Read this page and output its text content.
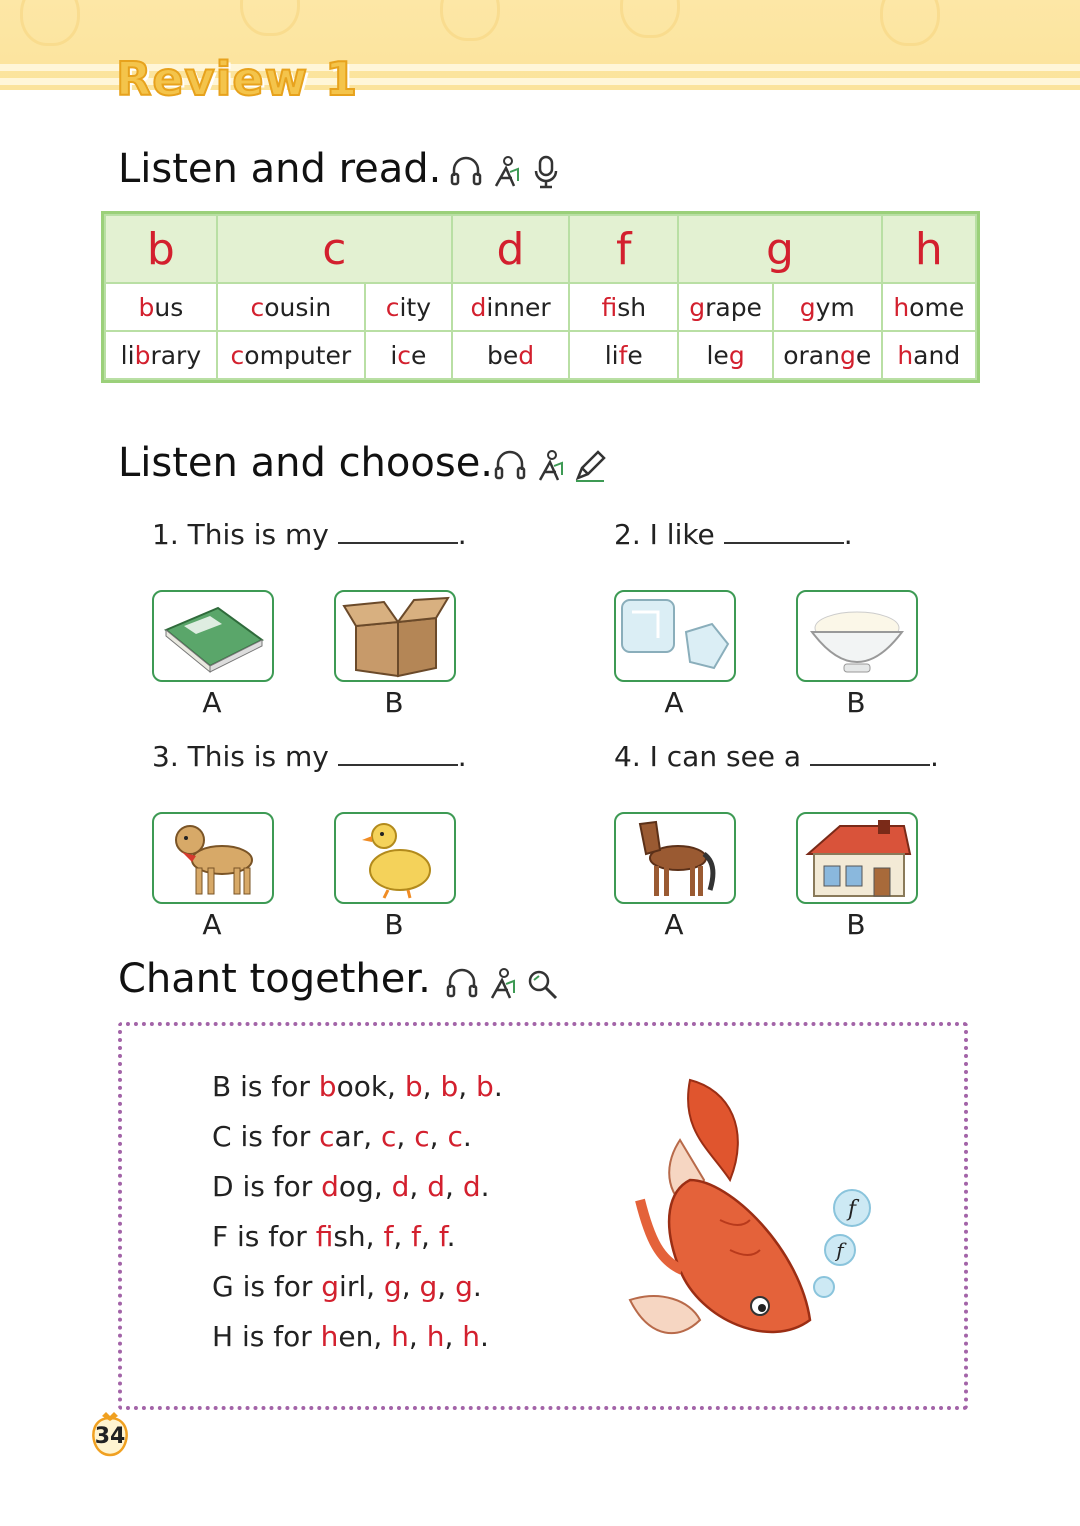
Review 1
Listen and read.
b	c		d	f	g		h
bus	cousin	city	dinner	fish	grape	gym	home
library	computer	ice	bed	life	leg	orange	hand
Listen and choose.
1. This is my	.
A	B
2. I like	.
A	B
3. This is my	.
A	B
4. I can see a	.
A	B
Chant together.
B is for book, b, b, b.
C is for car, c, c, c.
D is for dog, d, d, d.
F is for fish, f, f, f.
G is for girl, g, g, g.
H is for hen, h, h, h.
f
f
34
